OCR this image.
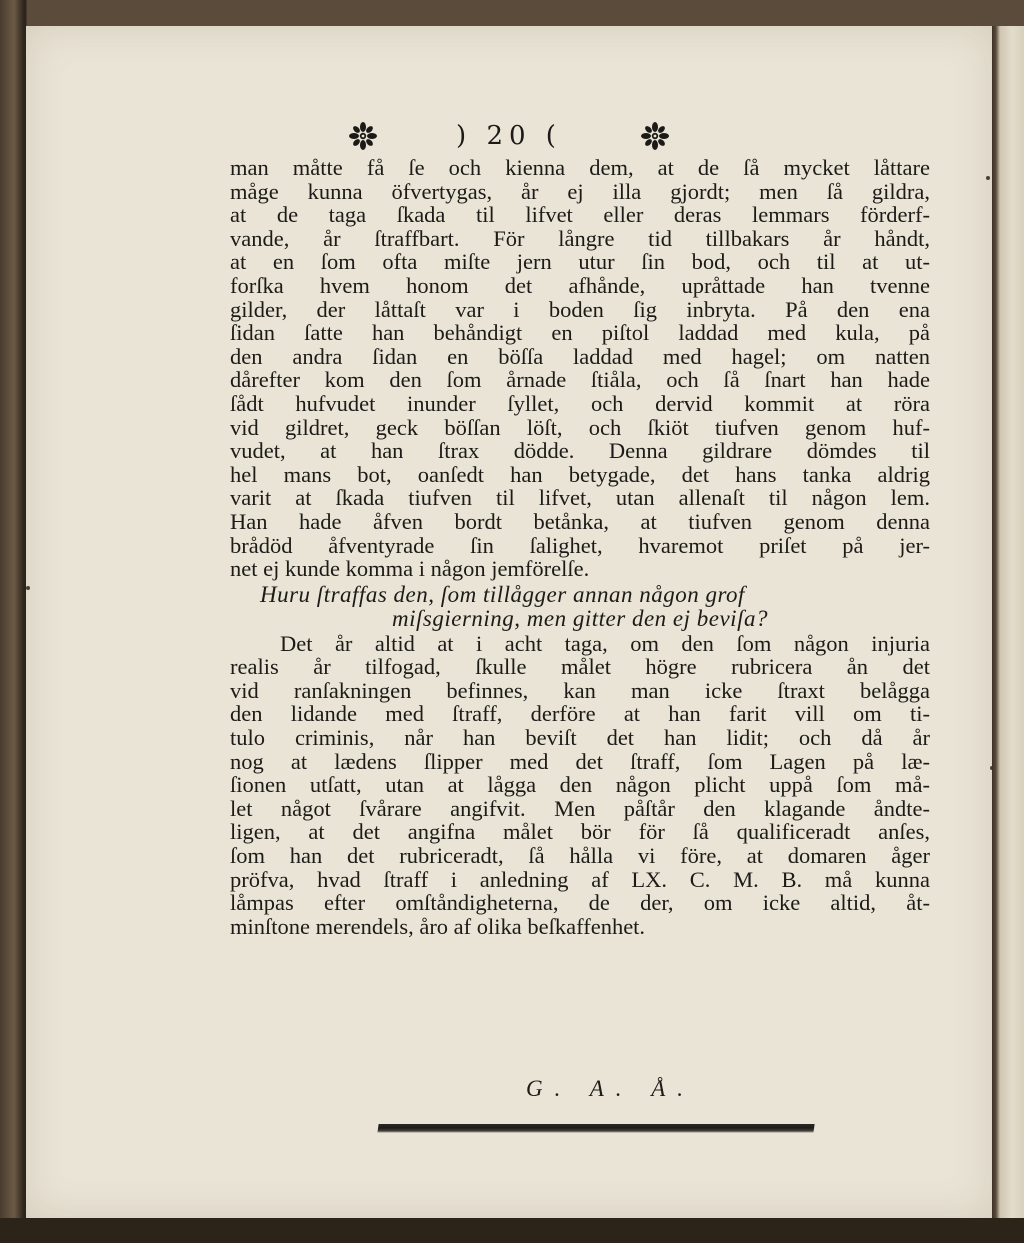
) 20 (
man måtte få ſe och kienna dem, at de ſå mycket låttare
måge kunna öfvertygas, år ej illa gjordt; men ſå gildra,
at de taga ſkada til lifvet eller deras lemmars förderf-
vande, år ſtraffbart. För långre tid tillbakars år håndt,
at en ſom ofta miſte jern utur ſin bod, och til at ut-
forſka hvem honom det afhånde, upråttade han tvenne
gilder, der låttaſt var i boden ſig inbryta. På den ena
ſidan ſatte han behåndigt en piſtol laddad med kula, på
den andra ſidan en böſſa laddad med hagel; om natten
dårefter kom den ſom årnade ſtiåla, och ſå ſnart han hade
ſådt hufvudet inunder ſyllet, och dervid kommit at röra
vid gildret, geck böſſan löſt, och ſkiöt tiufven genom huf-
vudet, at han ſtrax dödde. Denna gildrare dömdes til
hel mans bot, oanſedt han betygade, det hans tanka aldrig
varit at ſkada tiufven til lifvet, utan allenaſt til någon lem.
Han hade åfven bordt betånka, at tiufven genom denna
brådöd åfventyrade ſin ſalighet, hvaremot priſet på jer-
net ej kunde komma i någon jemförelſe.
Huru ſtraffas den, ſom tillågger annan någon grof
miſsgierning, men gitter den ej beviſa?
Det år altid at i acht taga, om den ſom någon injuria
realis år tilfogad, ſkulle målet högre rubricera ån det
vid ranſakningen befinnes, kan man icke ſtraxt belågga
den lidande med ſtraff, derföre at han farit vill om ti-
tulo criminis, når han beviſt det han lidit; och då år
nog at lædens ſlipper med det ſtraff, ſom Lagen på læ-
ſionen utſatt, utan at lågga den någon plicht uppå ſom må-
let något ſvårare angifvit. Men påſtår den klagande åndte-
ligen, at det angifna målet bör för ſå qualificeradt anſes,
ſom han det rubriceradt, ſå hålla vi före, at domaren åger
pröfva, hvad ſtraff i anledning af LX. C. M. B. må kunna
låmpas efter omſtåndigheterna, de der, om icke altid, åt-
minſtone merendels, åro af olika beſkaffenhet.
G. A. Å.
